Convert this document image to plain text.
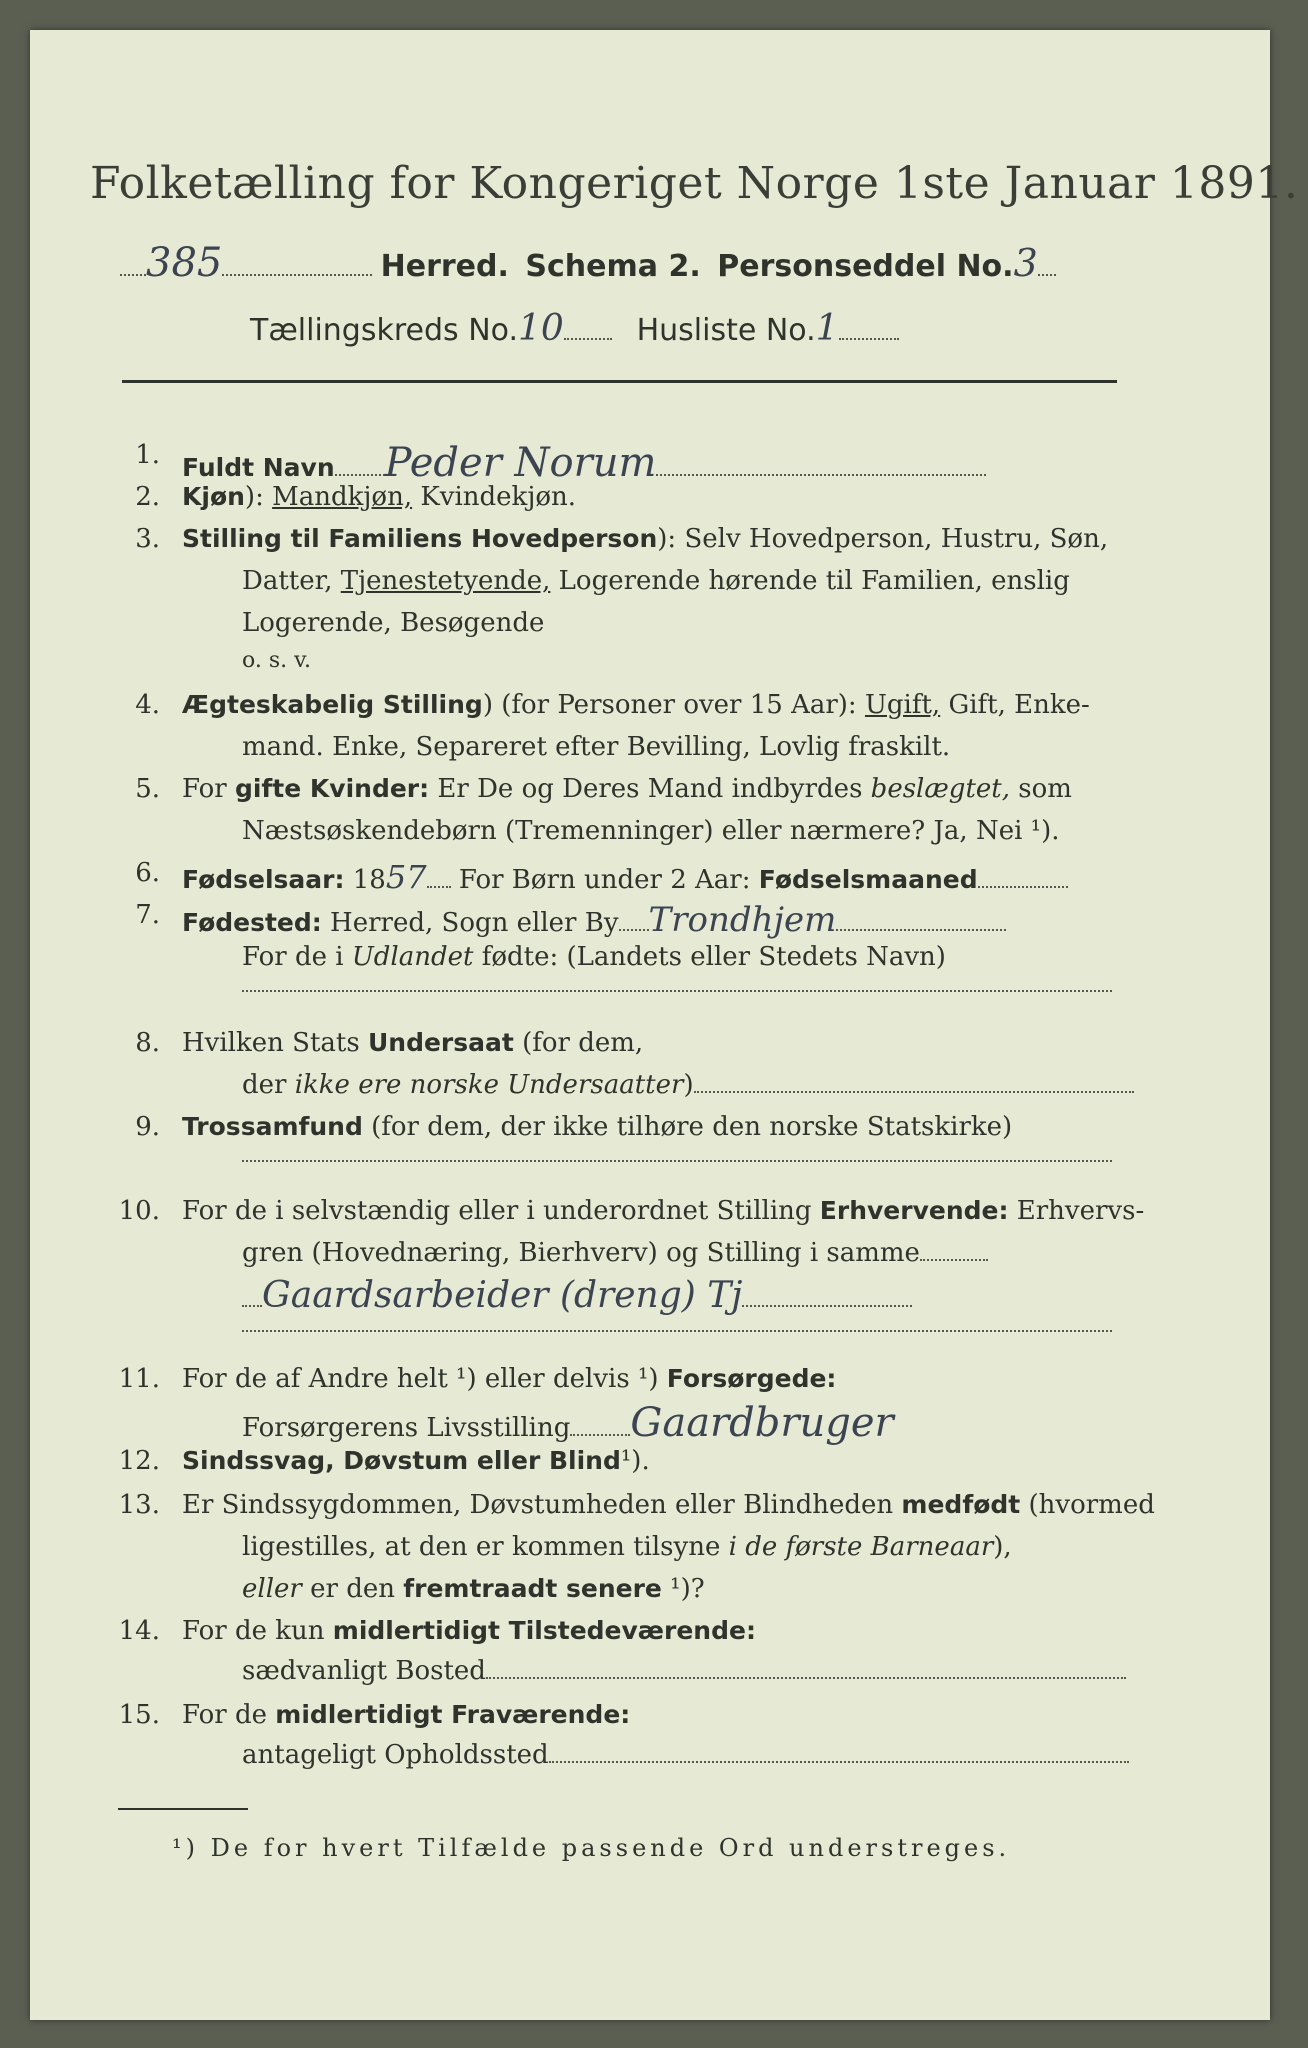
Folketælling for Kongeriget Norge 1ste Januar 1891.
385	Herred. Schema 2. Personseddel No.3
Tællingskreds No.10 Husliste No.1
1. Fuldt Navn Peder Norum
2. Kjøn): Mandkjøn, Kvindekjøn.
3. Stilling til Familiens Hovedperson): Selv Hovedperson, Hustru, Søn,
Datter, Tjenestetyende, Logerende hørende til Familien, enslig
Logerende, Besøgende
o. s. v.
4. Ægteskabelig Stilling) (for Personer over 15 Aar): Ugift, Gift, Enke-
mand. Enke, Separeret efter Bevilling, Lovlig fraskilt.
5. For gifte Kvinder: Er De og Deres Mand indbyrdes beslægtet, som
Næstsøskendebørn (Tremenninger) eller nærmere? Ja, Nei ¹).
6. Fødselsaar: 1857 For Børn under 2 Aar: Fødselsmaaned
7. Fødested: Herred, Sogn eller By Trondhjem
For de i Udlandet fødte: (Landets eller Stedets Navn)
8. Hvilken Stats Undersaat (for dem,
der ikke ere norske Undersaatter)
9. Trossamfund (for dem, der ikke tilhøre den norske Statskirke)
10. For de i selvstændig eller i underordnet Stilling Erhvervende: Erhvervs-
gren (Hovednæring, Bierhverv) og Stilling i samme
Gaardsarbeider (dreng) Tj
11. For de af Andre helt ¹) eller delvis ¹) Forsørgede:
Forsørgerens Livsstilling Gaardbruger
12. Sindssvag, Døvstum eller Blind¹).
13. Er Sindssygdommen, Døvstumheden eller Blindheden medfødt (hvormed
ligestilles, at den er kommen tilsyne i de første Barneaar),
eller er den fremtraadt senere ¹)?
14. For de kun midlertidigt Tilstedeværende:
sædvanligt Bosted
15. For de midlertidigt Fraværende:
antageligt Opholdssted
¹) De for hvert Tilfælde passende Ord understreges.
